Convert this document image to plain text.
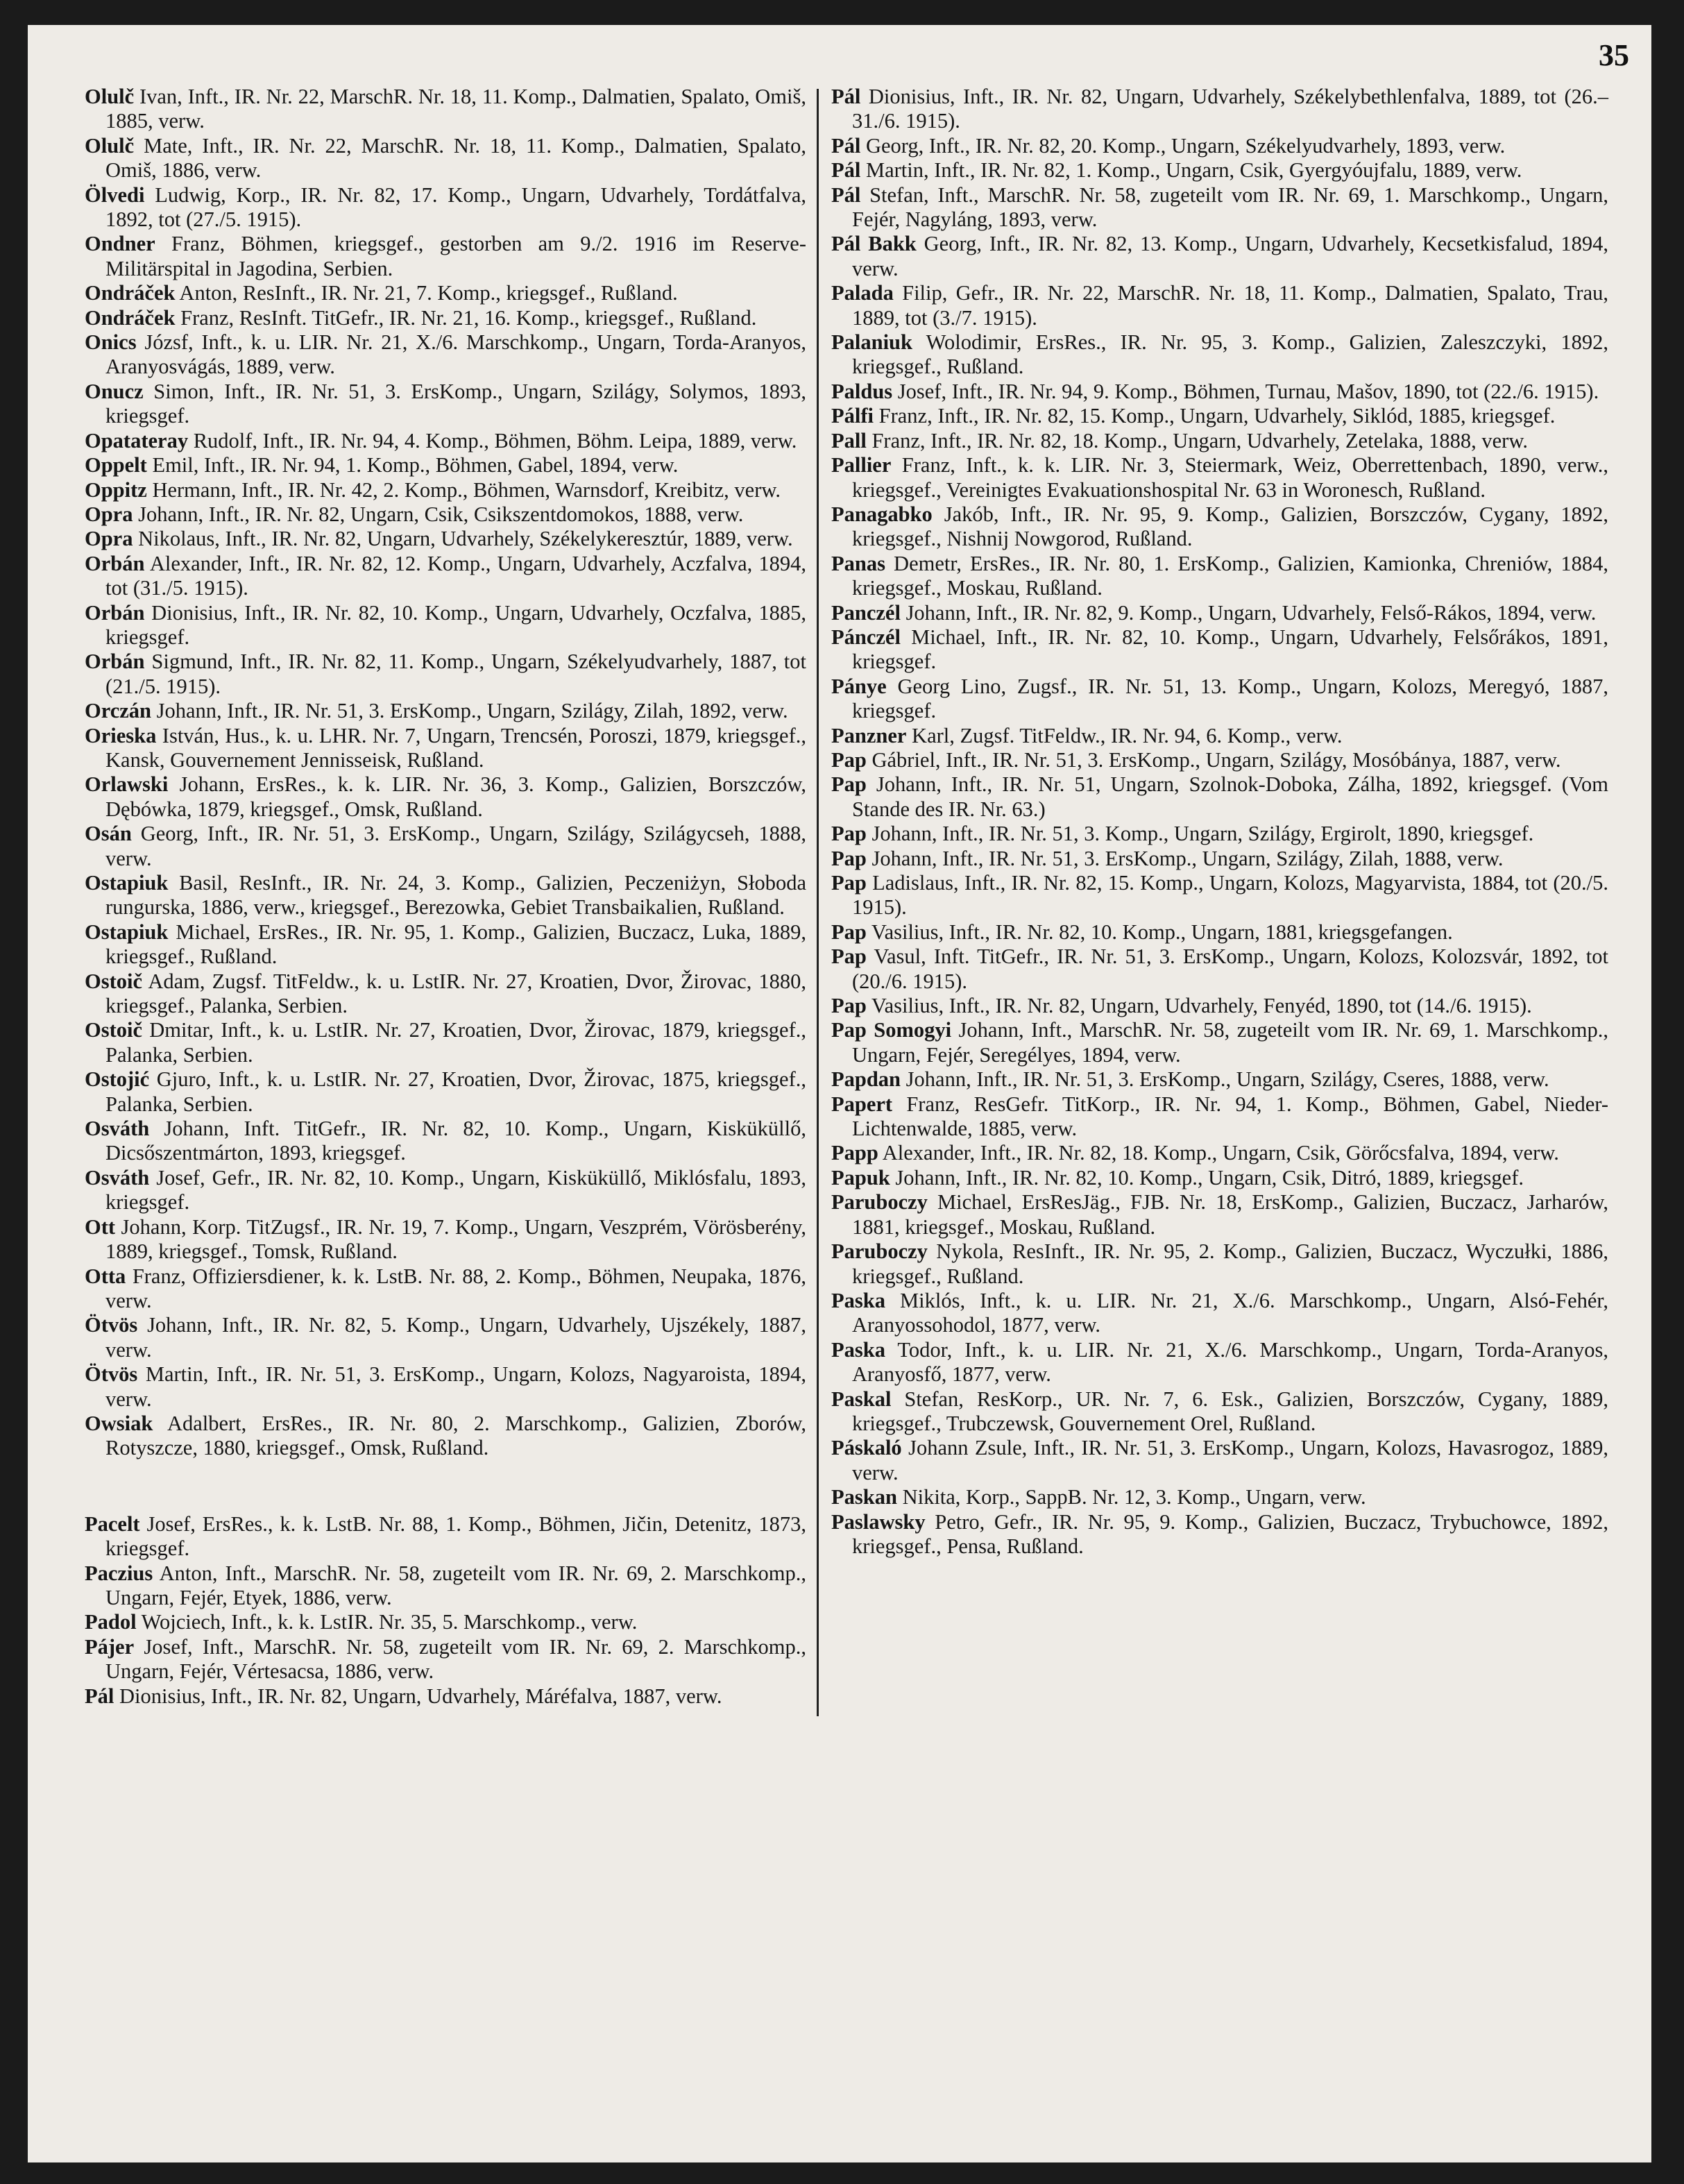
35
Olulč Ivan, Inft., IR. Nr. 22, MarschR. Nr. 18, 11. Komp., Dalmatien, Spalato, Omiš, 1885, verw.
Olulč Mate, Inft., IR. Nr. 22, MarschR. Nr. 18, 11. Komp., Dalmatien, Spalato, Omiš, 1886, verw.
Ölvedi Ludwig, Korp., IR. Nr. 82, 17. Komp., Ungarn, Udvarhely, Tordátfalva, 1892, tot (27./5. 1915).
Ondner Franz, Böhmen, kriegsgef., gestorben am 9./2. 1916 im Reserve-Militärspital in Jagodina, Serbien.
Ondráček Anton, ResInft., IR. Nr. 21, 7. Komp., kriegsgef., Rußland.
Ondráček Franz, ResInft. TitGefr., IR. Nr. 21, 16. Komp., kriegsgef., Rußland.
Onics Józsf, Inft., k. u. LIR. Nr. 21, X./6. Marschkomp., Ungarn, Torda-Aranyos, Aranyosvágás, 1889, verw.
Onucz Simon, Inft., IR. Nr. 51, 3. ErsKomp., Ungarn, Szilágy, Solymos, 1893, kriegsgef.
Opatateray Rudolf, Inft., IR. Nr. 94, 4. Komp., Böhmen, Böhm. Leipa, 1889, verw.
Oppelt Emil, Inft., IR. Nr. 94, 1. Komp., Böhmen, Gabel, 1894, verw.
Oppitz Hermann, Inft., IR. Nr. 42, 2. Komp., Böhmen, Warnsdorf, Kreibitz, verw.
Opra Johann, Inft., IR. Nr. 82, Ungarn, Csik, Csikszentdomokos, 1888, verw.
Opra Nikolaus, Inft., IR. Nr. 82, Ungarn, Udvarhely, Székelykeresztúr, 1889, verw.
Orbán Alexander, Inft., IR. Nr. 82, 12. Komp., Ungarn, Udvarhely, Aczfalva, 1894, tot (31./5. 1915).
Orbán Dionisius, Inft., IR. Nr. 82, 10. Komp., Ungarn, Udvarhely, Oczfalva, 1885, kriegsgef.
Orbán Sigmund, Inft., IR. Nr. 82, 11. Komp., Ungarn, Székelyudvarhely, 1887, tot (21./5. 1915).
Orczán Johann, Inft., IR. Nr. 51, 3. ErsKomp., Ungarn, Szilágy, Zilah, 1892, verw.
Orieska István, Hus., k. u. LHR. Nr. 7, Ungarn, Trencsén, Poroszi, 1879, kriegsgef., Kansk, Gouvernement Jennisseisk, Rußland.
Orlawski Johann, ErsRes., k. k. LIR. Nr. 36, 3. Komp., Galizien, Borszczów, Dębówka, 1879, kriegsgef., Omsk, Rußland.
Osán Georg, Inft., IR. Nr. 51, 3. ErsKomp., Ungarn, Szilágy, Szilágycseh, 1888, verw.
Ostapiuk Basil, ResInft., IR. Nr. 24, 3. Komp., Galizien, Peczeniżyn, Słoboda rungurska, 1886, verw., kriegsgef., Berezowka, Gebiet Transbaikalien, Rußland.
Ostapiuk Michael, ErsRes., IR. Nr. 95, 1. Komp., Galizien, Buczacz, Luka, 1889, kriegsgef., Rußland.
Ostoič Adam, Zugsf. TitFeldw., k. u. LstIR. Nr. 27, Kroatien, Dvor, Žirovac, 1880, kriegsgef., Palanka, Serbien.
Ostoič Dmitar, Inft., k. u. LstIR. Nr. 27, Kroatien, Dvor, Žirovac, 1879, kriegsgef., Palanka, Serbien.
Ostojić Gjuro, Inft., k. u. LstIR. Nr. 27, Kroatien, Dvor, Žirovac, 1875, kriegsgef., Palanka, Serbien.
Osváth Johann, Inft. TitGefr., IR. Nr. 82, 10. Komp., Ungarn, Kisküküllő, Dicsőszentmárton, 1893, kriegsgef.
Osváth Josef, Gefr., IR. Nr. 82, 10. Komp., Ungarn, Kisküküllő, Miklósfalu, 1893, kriegsgef.
Ott Johann, Korp. TitZugsf., IR. Nr. 19, 7. Komp., Ungarn, Veszprém, Vörösberény, 1889, kriegsgef., Tomsk, Rußland.
Otta Franz, Offiziersdiener, k. k. LstB. Nr. 88, 2. Komp., Böhmen, Neupaka, 1876, verw.
Ötvös Johann, Inft., IR. Nr. 82, 5. Komp., Ungarn, Udvarhely, Ujszékely, 1887, verw.
Ötvös Martin, Inft., IR. Nr. 51, 3. ErsKomp., Ungarn, Kolozs, Nagyaroista, 1894, verw.
Owsiak Adalbert, ErsRes., IR. Nr. 80, 2. Marschkomp., Galizien, Zborów, Rotyszcze, 1880, kriegsgef., Omsk, Rußland.
Pacelt Josef, ErsRes., k. k. LstB. Nr. 88, 1. Komp., Böhmen, Jičin, Detenitz, 1873, kriegsgef.
Paczius Anton, Inft., MarschR. Nr. 58, zugeteilt vom IR. Nr. 69, 2. Marschkomp., Ungarn, Fejér, Etyek, 1886, verw.
Padol Wojciech, Inft., k. k. LstIR. Nr. 35, 5. Marschkomp., verw.
Pájer Josef, Inft., MarschR. Nr. 58, zugeteilt vom IR. Nr. 69, 2. Marschkomp., Ungarn, Fejér, Vértesacsa, 1886, verw.
Pál Dionisius, Inft., IR. Nr. 82, Ungarn, Udvarhely, Máréfalva, 1887, verw.
Pál Dionisius, Inft., IR. Nr. 82, Ungarn, Udvarhely, Székelybethlenfalva, 1889, tot (26.–31./6. 1915).
Pál Georg, Inft., IR. Nr. 82, 20. Komp., Ungarn, Székelyudvarhely, 1893, verw.
Pál Martin, Inft., IR. Nr. 82, 1. Komp., Ungarn, Csik, Gyergyóujfalu, 1889, verw.
Pál Stefan, Inft., MarschR. Nr. 58, zugeteilt vom IR. Nr. 69, 1. Marschkomp., Ungarn, Fejér, Nagyláng, 1893, verw.
Pál Bakk Georg, Inft., IR. Nr. 82, 13. Komp., Ungarn, Udvarhely, Kecsetkisfalud, 1894, verw.
Palada Filip, Gefr., IR. Nr. 22, MarschR. Nr. 18, 11. Komp., Dalmatien, Spalato, Trau, 1889, tot (3./7. 1915).
Palaniuk Wolodimir, ErsRes., IR. Nr. 95, 3. Komp., Galizien, Zaleszczyki, 1892, kriegsgef., Rußland.
Paldus Josef, Inft., IR. Nr. 94, 9. Komp., Böhmen, Turnau, Mašov, 1890, tot (22./6. 1915).
Pálfi Franz, Inft., IR. Nr. 82, 15. Komp., Ungarn, Udvarhely, Siklód, 1885, kriegsgef.
Pall Franz, Inft., IR. Nr. 82, 18. Komp., Ungarn, Udvarhely, Zetelaka, 1888, verw.
Pallier Franz, Inft., k. k. LIR. Nr. 3, Steiermark, Weiz, Oberrettenbach, 1890, verw., kriegsgef., Vereinigtes Evakuationshospital Nr. 63 in Woronesch, Rußland.
Panagabko Jakób, Inft., IR. Nr. 95, 9. Komp., Galizien, Borszczów, Cygany, 1892, kriegsgef., Nishnij Nowgorod, Rußland.
Panas Demetr, ErsRes., IR. Nr. 80, 1. ErsKomp., Galizien, Kamionka, Chreniów, 1884, kriegsgef., Moskau, Rußland.
Panczél Johann, Inft., IR. Nr. 82, 9. Komp., Ungarn, Udvarhely, Felső-Rákos, 1894, verw.
Pánczél Michael, Inft., IR. Nr. 82, 10. Komp., Ungarn, Udvarhely, Felsőrákos, 1891, kriegsgef.
Pánye Georg Lino, Zugsf., IR. Nr. 51, 13. Komp., Ungarn, Kolozs, Meregyó, 1887, kriegsgef.
Panzner Karl, Zugsf. TitFeldw., IR. Nr. 94, 6. Komp., verw.
Pap Gábriel, Inft., IR. Nr. 51, 3. ErsKomp., Ungarn, Szilágy, Mosóbánya, 1887, verw.
Pap Johann, Inft., IR. Nr. 51, Ungarn, Szolnok-Doboka, Zálha, 1892, kriegsgef. (Vom Stande des IR. Nr. 63.)
Pap Johann, Inft., IR. Nr. 51, 3. Komp., Ungarn, Szilágy, Ergirolt, 1890, kriegsgef.
Pap Johann, Inft., IR. Nr. 51, 3. ErsKomp., Ungarn, Szilágy, Zilah, 1888, verw.
Pap Ladislaus, Inft., IR. Nr. 82, 15. Komp., Ungarn, Kolozs, Magyarvista, 1884, tot (20./5. 1915).
Pap Vasilius, Inft., IR. Nr. 82, 10. Komp., Ungarn, 1881, kriegsgefangen.
Pap Vasul, Inft. TitGefr., IR. Nr. 51, 3. ErsKomp., Ungarn, Kolozs, Kolozsvár, 1892, tot (20./6. 1915).
Pap Vasilius, Inft., IR. Nr. 82, Ungarn, Udvarhely, Fenyéd, 1890, tot (14./6. 1915).
Pap Somogyi Johann, Inft., MarschR. Nr. 58, zugeteilt vom IR. Nr. 69, 1. Marschkomp., Ungarn, Fejér, Seregélyes, 1894, verw.
Papdan Johann, Inft., IR. Nr. 51, 3. ErsKomp., Ungarn, Szilágy, Cseres, 1888, verw.
Papert Franz, ResGefr. TitKorp., IR. Nr. 94, 1. Komp., Böhmen, Gabel, Nieder-Lichtenwalde, 1885, verw.
Papp Alexander, Inft., IR. Nr. 82, 18. Komp., Ungarn, Csik, Görőcsfalva, 1894, verw.
Papuk Johann, Inft., IR. Nr. 82, 10. Komp., Ungarn, Csik, Ditró, 1889, kriegsgef.
Paruboczy Michael, ErsResJäg., FJB. Nr. 18, ErsKomp., Galizien, Buczacz, Jarharów, 1881, kriegsgef., Moskau, Rußland.
Paruboczy Nykola, ResInft., IR. Nr. 95, 2. Komp., Galizien, Buczacz, Wyczułki, 1886, kriegsgef., Rußland.
Paska Miklós, Inft., k. u. LIR. Nr. 21, X./6. Marschkomp., Ungarn, Alsó-Fehér, Aranyossohodol, 1877, verw.
Paska Todor, Inft., k. u. LIR. Nr. 21, X./6. Marschkomp., Ungarn, Torda-Aranyos, Aranyosfő, 1877, verw.
Paskal Stefan, ResKorp., UR. Nr. 7, 6. Esk., Galizien, Borszczów, Cygany, 1889, kriegsgef., Trubczewsk, Gouvernement Orel, Rußland.
Páskaló Johann Zsule, Inft., IR. Nr. 51, 3. ErsKomp., Ungarn, Kolozs, Havasrogoz, 1889, verw.
Paskan Nikita, Korp., SappB. Nr. 12, 3. Komp., Ungarn, verw.
Paslawsky Petro, Gefr., IR. Nr. 95, 9. Komp., Galizien, Buczacz, Trybuchowce, 1892, kriegsgef., Pensa, Rußland.
